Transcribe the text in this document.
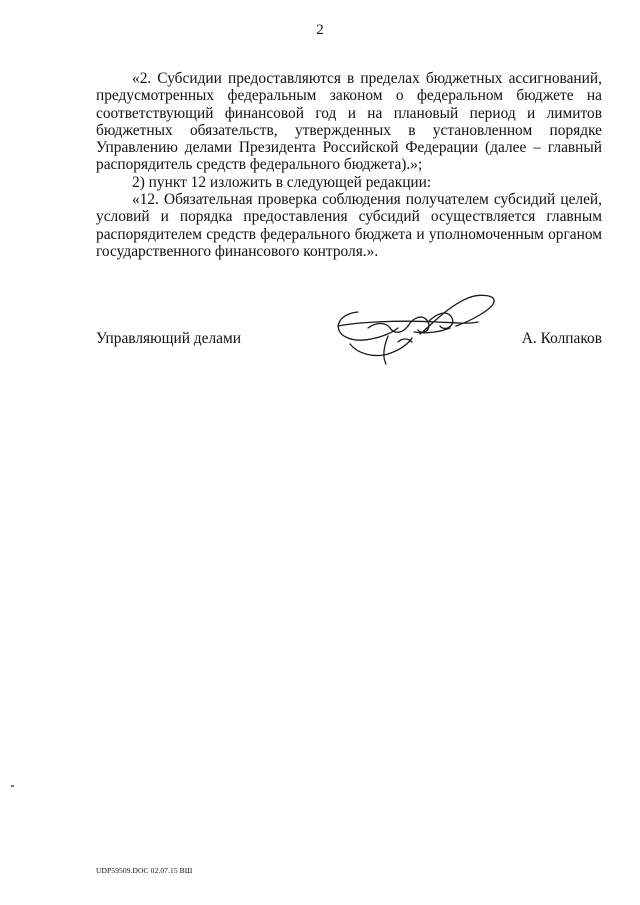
2

«2. Субсидии предоставляются в пределах бюджетных ассигнований, предусмотренных федеральным законом о федеральном бюджете на соответствующий финансовой год и на плановый период и лимитов бюджетных обязательств, утвержденных в установленном порядке Управлению делами Президента Российской Федерации (далее – главный распорядитель средств федерального бюджета).»;

2) пункт 12 изложить в следующей редакции:

«12. Обязательная проверка соблюдения получателем субсидий целей, условий и порядка предоставления субсидий осуществляется главным распорядителем средств федерального бюджета и уполномоченным органом государственного финансового контроля.».

Управляющий делами	А. Колпаков
UDP59509.DOC 02.07.15 ВШ
